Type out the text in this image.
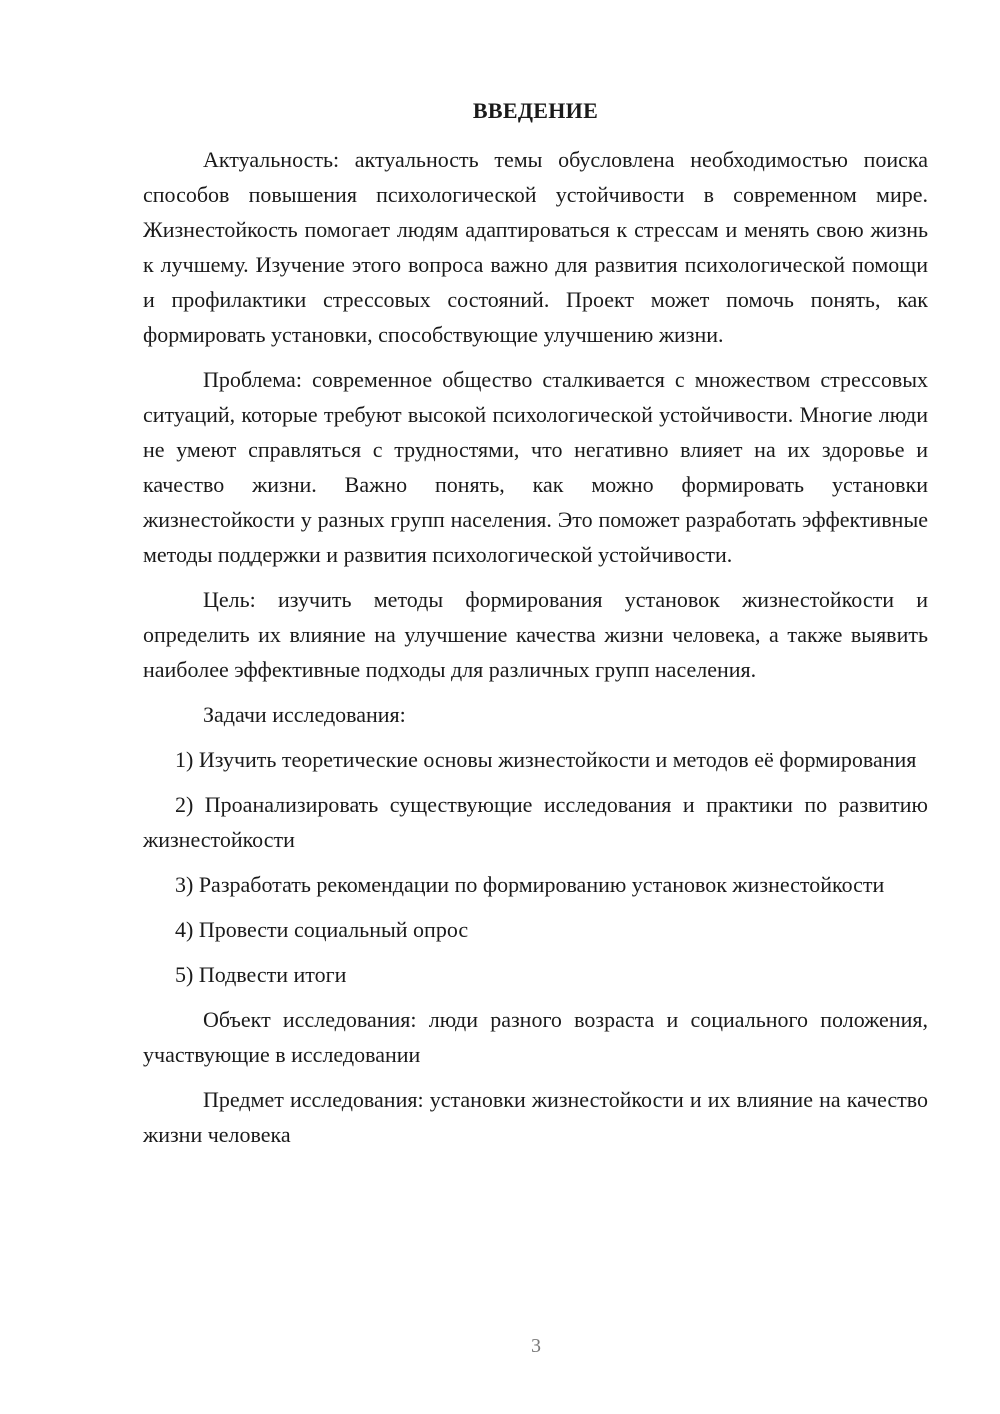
ВВЕДЕНИЕ

Актуальность: актуальность темы обусловлена необходимостью поиска способов повышения психологической устойчивости в современном мире. Жизнестойкость помогает людям адаптироваться к стрессам и менять свою жизнь к лучшему. Изучение этого вопроса важно для развития психологической помощи и профилактики стрессовых состояний. Проект может помочь понять, как формировать установки, способствующие улучшению жизни.

Проблема: современное общество сталкивается с множеством стрессовых ситуаций, которые требуют высокой психологической устойчивости. Многие люди не умеют справляться с трудностями, что негативно влияет на их здоровье и качество жизни. Важно понять, как можно формировать установки жизнестойкости у разных групп населения. Это поможет разработать эффективные методы поддержки и развития психологической устойчивости.

Цель: изучить методы формирования установок жизнестойкости и определить их влияние на улучшение качества жизни человека, а также выявить наиболее эффективные подходы для различных групп населения.

Задачи исследования:

1) Изучить теоретические основы жизнестойкости и методов её формирования

2) Проанализировать существующие исследования и практики по развитию жизнестойкости

3) Разработать рекомендации по формированию установок жизнестойкости

4) Провести социальный опрос

5) Подвести итоги

Объект исследования: люди разного возраста и социального положения, участвующие в исследовании

Предмет исследования: установки жизнестойкости и их влияние на качество жизни человека

3
